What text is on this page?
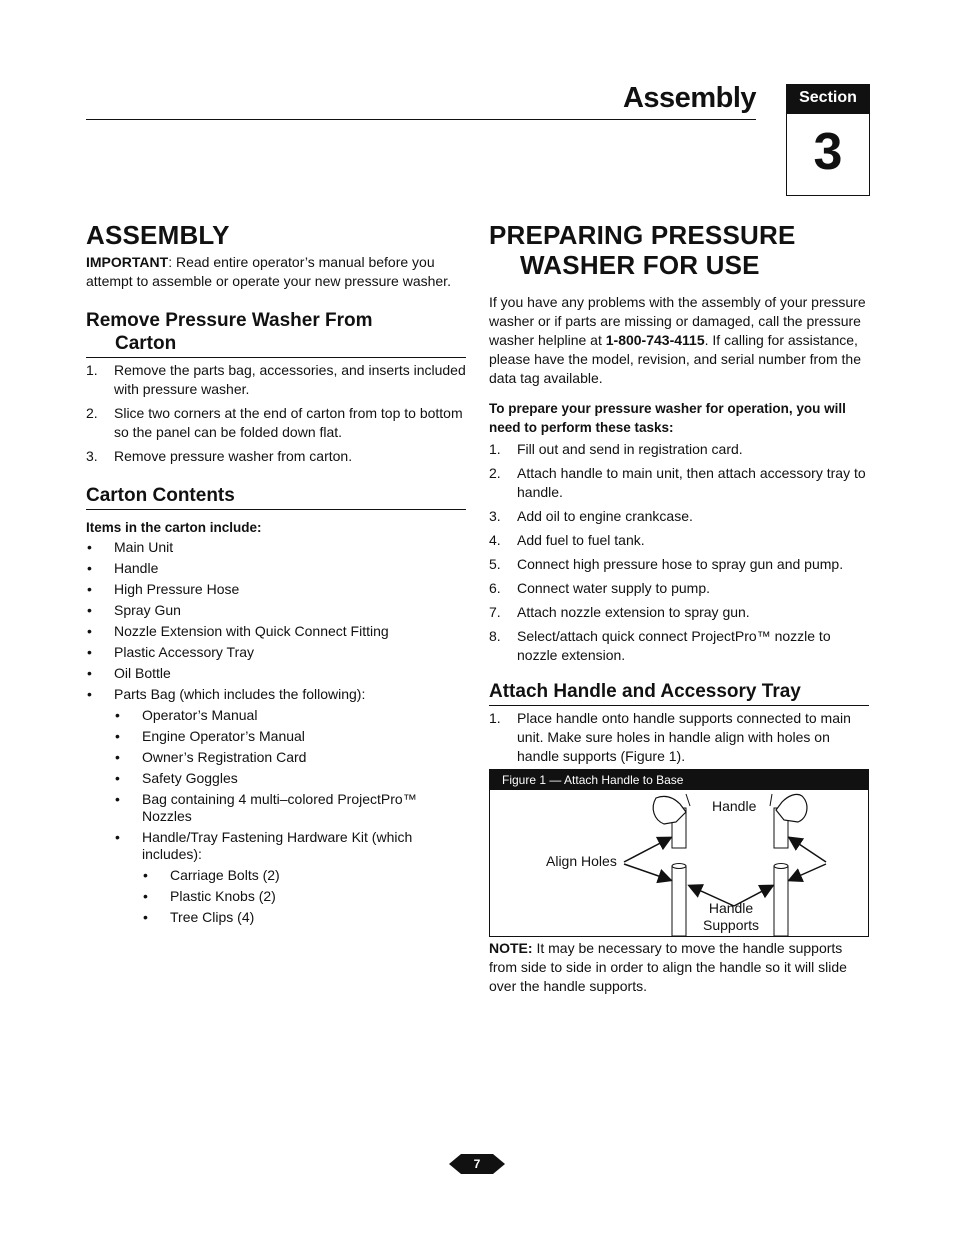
Assembly	Section
3
ASSEMBLY

IMPORTANT: Read entire operator’s manual before you attempt to assemble or operate your new pressure washer.

Remove Pressure Washer From
Carton
1. Remove the parts bag, accessories, and inserts included with pressure washer.
2. Slice two corners at the end of carton from top to bottom so the panel can be folded down flat.
3. Remove pressure washer from carton.
Carton Contents

Items in the carton include:

• Main Unit
• Handle
• High Pressure Hose
• Spray Gun
• Nozzle Extension with Quick Connect Fitting
• Plastic Accessory Tray
• Oil Bottle
• Parts Bag (which includes the following):
•	Operator’s Manual
•	Engine Operator’s Manual
•	Owner’s Registration Card
•	Safety Goggles
•	Bag containing 4 multi–colored ProjectPro™ Nozzles
•	Handle/Tray Fastening Hardware Kit (which includes):
•	Carriage Bolts (2)
•	Plastic Knobs (2)
•	Tree Clips (4)
PREPARING PRESSURE
WASHER FOR USE

If you have any problems with the assembly of your pressure washer or if parts are missing or damaged, call the pressure washer helpline at 1-800-743-4115. If calling for assistance, please have the model, revision, and serial number from the data tag available.

To prepare your pressure washer for operation, you will need to perform these tasks:

1. Fill out and send in registration card.
2. Attach handle to main unit, then attach accessory tray to handle.
3. Add oil to engine crankcase.
4. Add fuel to fuel tank.
5. Connect high pressure hose to spray gun and pump.
6. Connect water supply to pump.
7. Attach nozzle extension to spray gun.
8. Select/attach quick connect ProjectPro™ nozzle to nozzle extension.
Attach Handle and Accessory Tray
1. Place handle onto handle supports connected to main unit. Make sure holes in handle align with holes on handle supports (Figure 1).
Figure 1 — Attach Handle to Base
Handle
Align Holes
Handle
Supports

NOTE: It may be necessary to move the handle supports from side to side in order to align the handle so it will slide over the handle supports.

7
